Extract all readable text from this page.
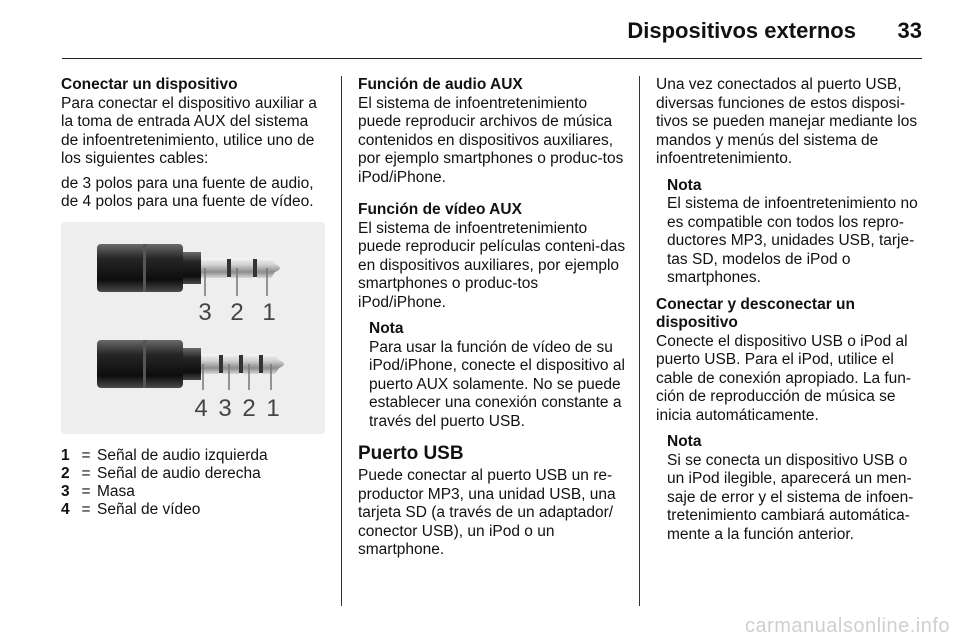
Dispositivos externos 33
Conectar un dispositivo

Para conectar el dispositivo auxiliar a la toma de entrada AUX del sistema de infoentretenimiento, utilice uno de los siguientes cables:

de 3 polos para una fuente de audio, de 4 polos para una fuente de vídeo.

3 2 1
4 3 2 1
1 = Señal de audio izquierda
2 = Señal de audio derecha
3 = Masa
4 = Señal de vídeo
Función de audio AUX

El sistema de infoentretenimiento puede reproducir archivos de música contenidos en dispositivos auxiliares, por ejemplo smartphones o produc-tos iPod/iPhone.

Función de vídeo AUX

El sistema de infoentretenimiento puede reproducir películas conteni-das en dispositivos auxiliares, por ejemplo smartphones o produc-tos iPod/iPhone.

Nota

Para usar la función de vídeo de su iPod/iPhone, conecte el dispositivo al puerto AUX solamente. No se puede establecer una conexión constante a través del puerto USB.

Puerto USB

Puede conectar al puerto USB un re-productor MP3, una unidad USB, una tarjeta SD (a través de un adaptador/ conector USB), un iPod o un smartphone.

Una vez conectados al puerto USB, diversas funciones de estos disposi-tivos se pueden manejar mediante los mandos y menús del sistema de infoentretenimiento.

Nota

El sistema de infoentretenimiento no es compatible con todos los repro-ductores MP3, unidades USB, tarje-tas SD, modelos de iPod o smartphones.

Conectar y desconectar un dispositivo

Conecte el dispositivo USB o iPod al puerto USB. Para el iPod, utilice el cable de conexión apropiado. La fun-ción de reproducción de música se inicia automáticamente.

Nota

Si se conecta un dispositivo USB o un iPod ilegible, aparecerá un men-saje de error y el sistema de infoen-tretenimiento cambiará automática-mente a la función anterior.

carmanualsonline.info
